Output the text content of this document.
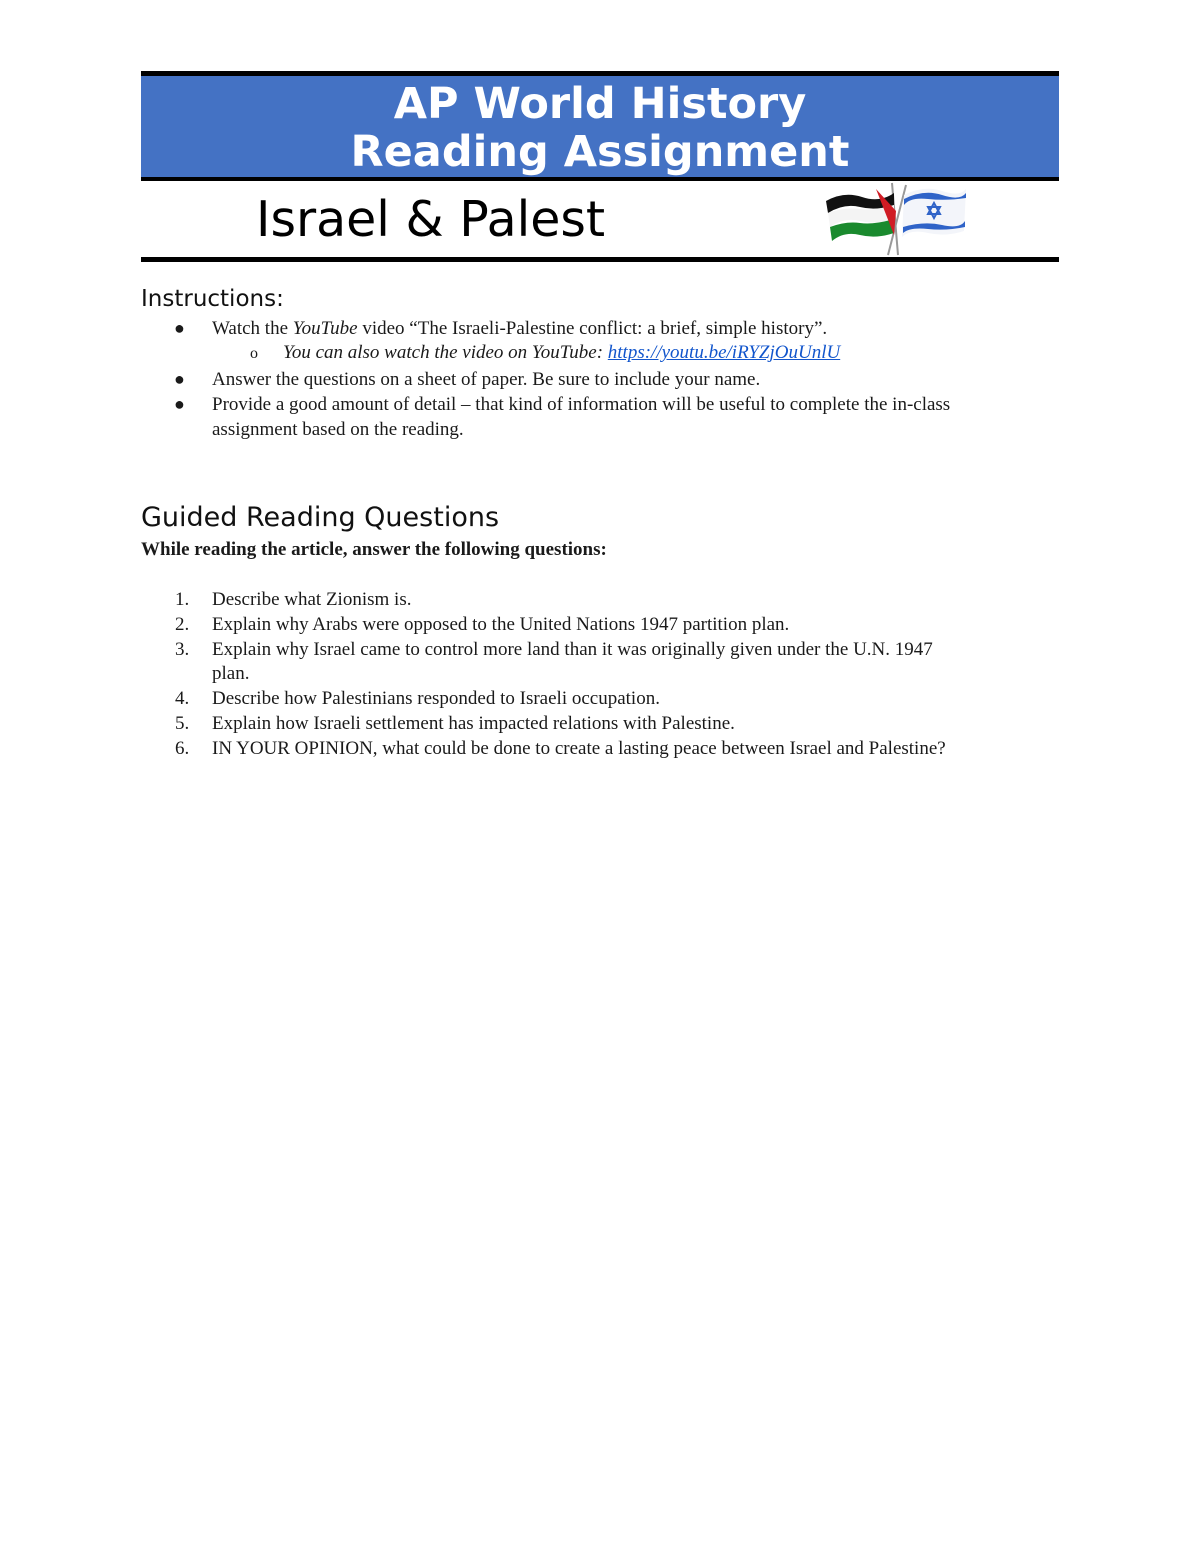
AP World History
Reading Assignment
Israel & Palest
Instructions:
● Watch the YouTube video “The Israeli-Palestine conflict: a brief, simple history”.
o You can also watch the video on YouTube: https://youtu.be/iRYZjOuUnlU
● Answer the questions on a sheet of paper. Be sure to include your name.
● Provide a good amount of detail – that kind of information will be useful to complete the in-class
assignment based on the reading.
Guided Reading Questions
While reading the article, answer the following questions:
1. Describe what Zionism is.
2. Explain why Arabs were opposed to the United Nations 1947 partition plan.
3. Explain why Israel came to control more land than it was originally given under the U.N. 1947
plan.
4. Describe how Palestinians responded to Israeli occupation.
5. Explain how Israeli settlement has impacted relations with Palestine.
6. IN YOUR OPINION, what could be done to create a lasting peace between Israel and Palestine?
